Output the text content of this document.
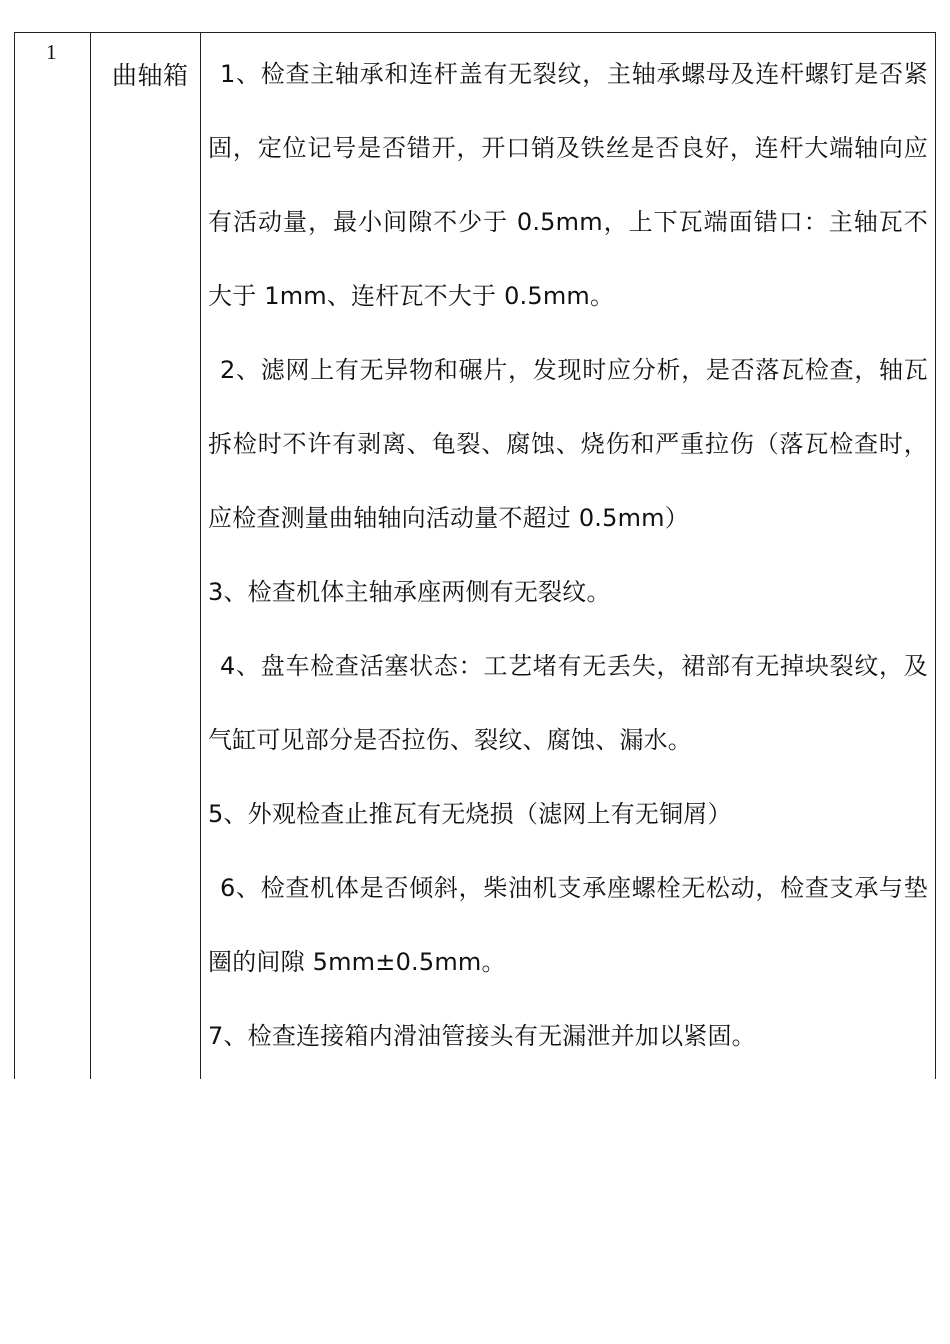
1
曲轴箱	1、检查主轴承和连杆盖有无裂纹，主轴承螺母及连杆螺钉是否紧固，定位记号是否错开，开口销及铁丝是否良好，连杆大端轴向应有活动量，最小间隙不少于 0.5mm，上下瓦端面错口：主轴瓦不大于 1mm、连杆瓦不大于 0.5mm。

2、滤网上有无异物和碾片，发现时应分析，是否落瓦检查，轴瓦拆检时不许有剥离、龟裂、腐蚀、烧伤和严重拉伤（落瓦检查时，应检查测量曲轴轴向活动量不超过 0.5mm）

3、检查机体主轴承座两侧有无裂纹。

4、盘车检查活塞状态：工艺堵有无丢失，裙部有无掉块裂纹，及气缸可见部分是否拉伤、裂纹、腐蚀、漏水。

5、外观检查止推瓦有无烧损（滤网上有无铜屑）

6、检查机体是否倾斜，柴油机支承座螺栓无松动，检查支承与垫圈的间隙 5mm±0.5mm。

7、检查连接箱内滑油管接头有无漏泄并加以紧固。
